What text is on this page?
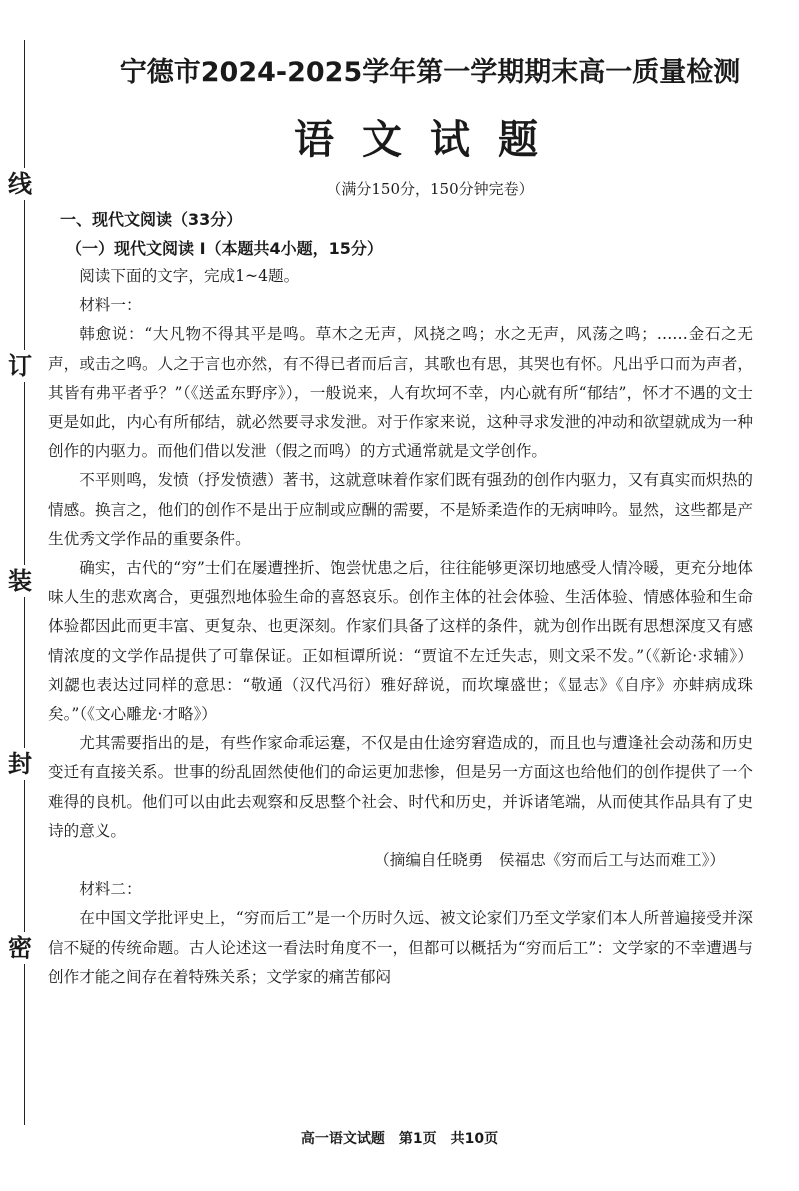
线
订
装
封
密
宁德市2024-2025学年第一学期期末高一质量检测
语文试题
（满分150分，150分钟完卷）
一、现代文阅读（33分）
（一）现代文阅读 I（本题共4小题，15分）

阅读下面的文字，完成1~4题。

材料一：

韩愈说：“大凡物不得其平是鸣。草木之无声，风挠之鸣；水之无声，风荡之鸣；……金石之无声，或击之鸣。人之于言也亦然，有不得已者而后言，其歌也有思，其哭也有怀。凡出乎口而为声者，其皆有弗平者乎？”（《送孟东野序》），一般说来，人有坎坷不幸，内心就有所“郁结”，怀才不遇的文士更是如此，内心有所郁结，就必然要寻求发泄。对于作家来说，这种寻求发泄的冲动和欲望就成为一种创作的内驱力。而他们借以发泄（假之而鸣）的方式通常就是文学创作。

不平则鸣，发愤（抒发愤懑）著书，这就意味着作家们既有强劲的创作内驱力，又有真实而炽热的情感。换言之，他们的创作不是出于应制或应酬的需要，不是矫柔造作的无病呻吟。显然，这些都是产生优秀文学作品的重要条件。

确实，古代的“穷”士们在屡遭挫折、饱尝忧患之后，往往能够更深切地感受人情冷暖，更充分地体味人生的悲欢离合，更强烈地体验生命的喜怒哀乐。创作主体的社会体验、生活体验、情感体验和生命体验都因此而更丰富、更复杂、也更深刻。作家们具备了这样的条件，就为创作出既有思想深度又有感情浓度的文学作品提供了可靠保证。正如桓谭所说：“贾谊不左迁失志，则文采不发。”（《新论·求辅》）刘勰也表达过同样的意思：“敬通（汉代冯衍）雅好辞说，而坎壈盛世；《显志》《自序》亦蚌病成珠矣。”（《文心雕龙·才略》）

尤其需要指出的是，有些作家命乖运蹇，不仅是由仕途穷窘造成的，而且也与遭逢社会动荡和历史变迁有直接关系。世事的纷乱固然使他们的命运更加悲惨，但是另一方面这也给他们的创作提供了一个难得的良机。他们可以由此去观察和反思整个社会、时代和历史，并诉诸笔端，从而使其作品具有了史诗的意义。

（摘编自任晓勇　侯福忠《穷而后工与达而难工》）

材料二：

在中国文学批评史上，“穷而后工”是一个历时久远、被文论家们乃至文学家们本人所普遍接受并深信不疑的传统命题。古人论述这一看法时角度不一，但都可以概括为“穷而后工”：文学家的不幸遭遇与创作才能之间存在着特殊关系；文学家的痛苦郁闷

高一语文试题　第1页　共10页
